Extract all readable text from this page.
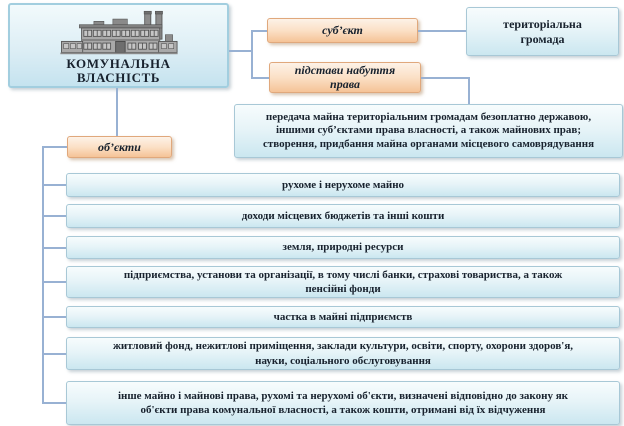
КОМУНАЛЬНА ВЛАСНІСТЬ
суб’єкт
підстави набуття права
об’єкти
територіальна громада
передача майна територіальним громадам безоплатно державою, іншими суб’єктами права власності, а також майнових прав; створення, придбання майна органами місцевого самоврядування
рухоме і нерухоме майно
доходи місцевих бюджетів та інші кошти
земля, природні ресурси
підприємства, установи та організації, в тому числі банки, страхові товариства, а також пенсійні фонди
частка в майні підприємств
житловий фонд, нежитлові приміщення, заклади культури, освіти, спорту, охорони здоров'я, науки, соціального обслуговування
інше майно і майнові права, рухомі та нерухомі об'єкти, визначені відповідно до закону як об'єкти права комунальної власності, а також кошти, отримані від їх відчуження
